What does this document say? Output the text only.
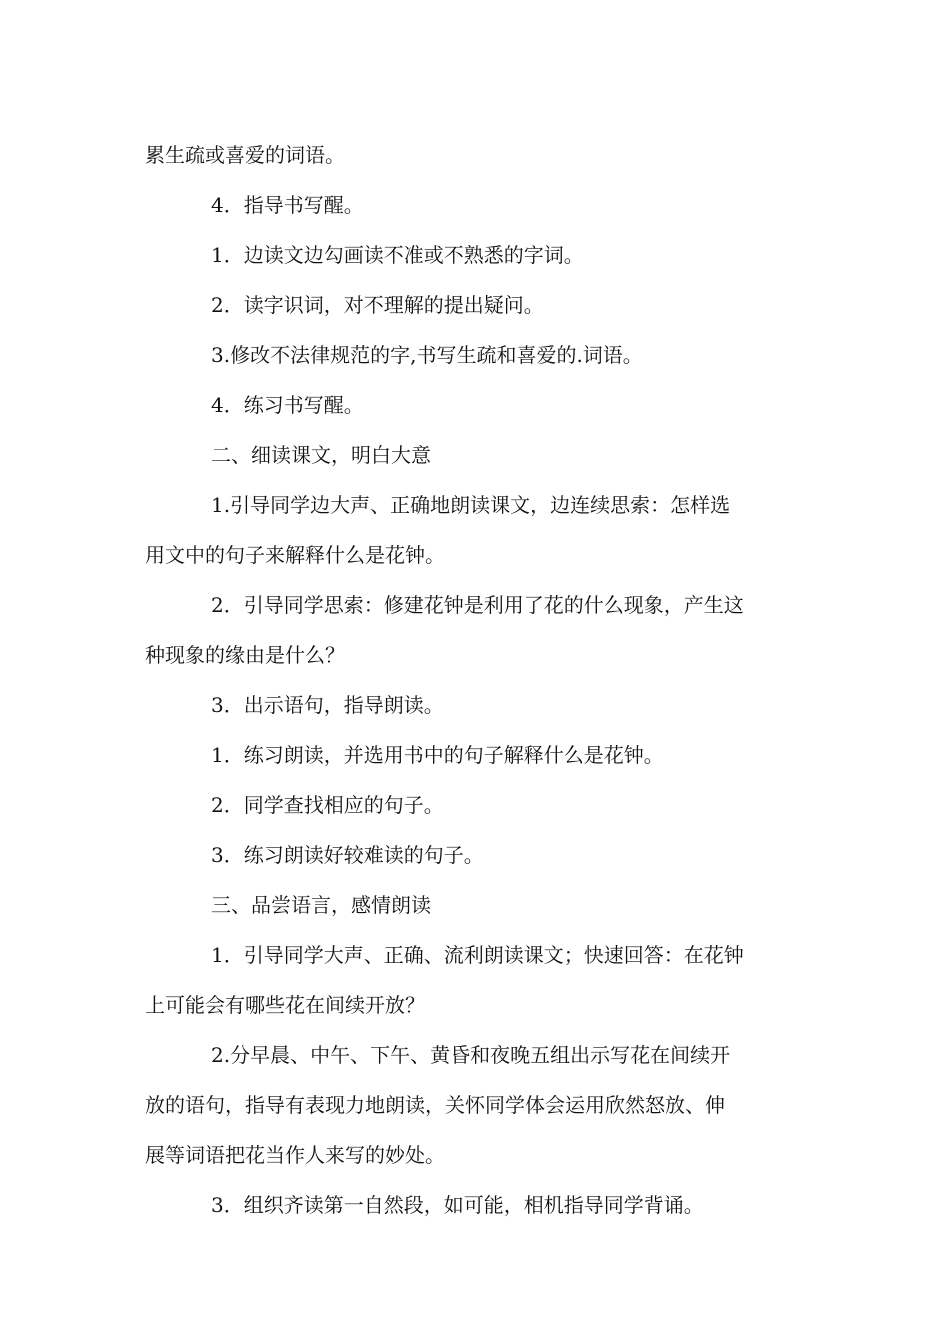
累生疏或喜爱的词语。

4．指导书写醒。

1．边读文边勾画读不准或不熟悉的字词。

2．读字识词，对不理解的提出疑问。

3.修改不法律规范的字,书写生疏和喜爱的.词语。

4．练习书写醒。

二、细读课文，明白大意

1.引导同学边大声、正确地朗读课文，边连续思索：怎样选

用文中的句子来解释什么是花钟。

2．引导同学思索：修建花钟是利用了花的什么现象，产生这

种现象的缘由是什么？

3．出示语句，指导朗读。

1．练习朗读，并选用书中的句子解释什么是花钟。

2．同学查找相应的句子。

3．练习朗读好较难读的句子。

三、品尝语言，感情朗读

1．引导同学大声、正确、流利朗读课文；快速回答：在花钟

上可能会有哪些花在间续开放？

2.分早晨、中午、下午、黄昏和夜晚五组出示写花在间续开

放的语句，指导有表现力地朗读，关怀同学体会运用欣然怒放、伸

展等词语把花当作人来写的妙处。

3．组织齐读第一自然段，如可能，相机指导同学背诵。
